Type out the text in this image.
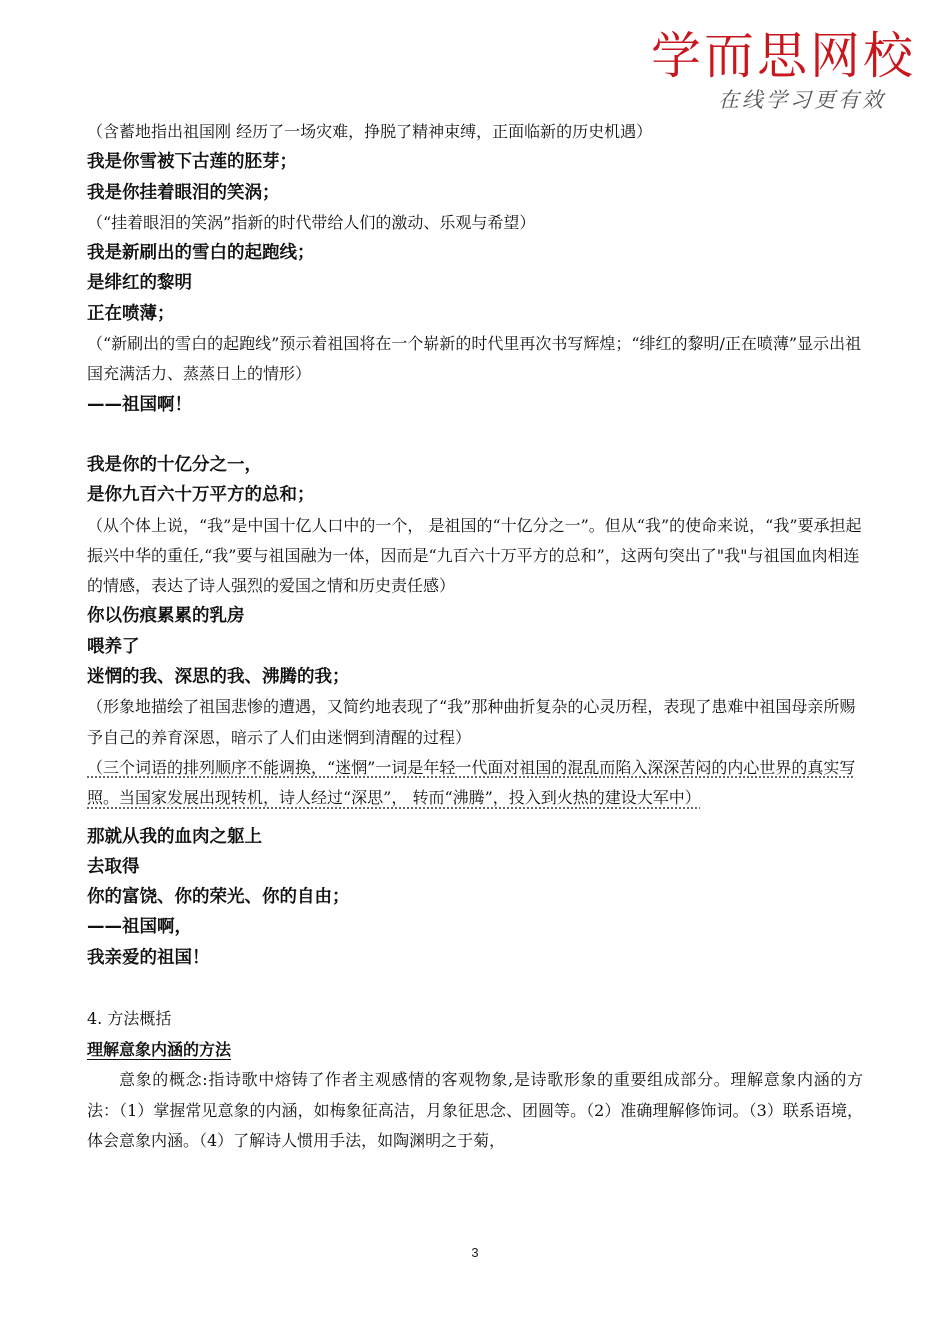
学而思网校
在线学习更有效

（含蓄地指出祖国刚 经历了一场灾难，挣脱了精神束缚，正面临新的历史机遇）

我是你雪被下古莲的胚芽；

我是你挂着眼泪的笑涡；

（“挂着眼泪的笑涡”指新的时代带给人们的激动、乐观与希望）

我是新刷出的雪白的起跑线；

是绯红的黎明

正在喷薄；

（“新刷出的雪白的起跑线”预示着祖国将在一个崭新的时代里再次书写辉煌；“绯红的黎明/正在喷薄”显示出祖国充满活力、蒸蒸日上的情形）

——祖国啊！

我是你的十亿分之一，

是你九百六十万平方的总和；

（从个体上说，“我”是中国十亿人口中的一个， 是祖国的“十亿分之一”。但从“我”的使命来说，“我”要承担起振兴中华的重任,“我”要与祖国融为一体，因而是“九百六十万平方的总和”，这两句突出了"我"与祖国血肉相连的情感，表达了诗人强烈的爱国之情和历史责任感）

你以伤痕累累的乳房

喂养了

迷惘的我、深思的我、沸腾的我；

（形象地描绘了祖国悲惨的遭遇，又简约地表现了“我”那种曲折复杂的心灵历程，表现了患难中祖国母亲所赐予自己的养育深恩，暗示了人们由迷惘到清醒的过程）

（三个词语的排列顺序不能调换，“迷惘”一词是年轻一代面对祖国的混乱而陷入深深苦闷的内心世界的真实写照。当国家发展出现转机，诗人经过“深思”， 转而“沸腾”，投入到火热的建设大军中）

那就从我的血肉之躯上

去取得

你的富饶、你的荣光、你的自由；

——祖国啊，

我亲爱的祖国！

4. 方法概括

理解意象内涵的方法

意象的概念:指诗歌中熔铸了作者主观感情的客观物象,是诗歌形象的重要组成部分。理解意象内涵的方法：（1）掌握常见意象的内涵，如梅象征高洁，月象征思念、团圆等。（2）准确理解修饰词。（3）联系语境，体会意象内涵。（4）了解诗人惯用手法，如陶渊明之于菊，

3
